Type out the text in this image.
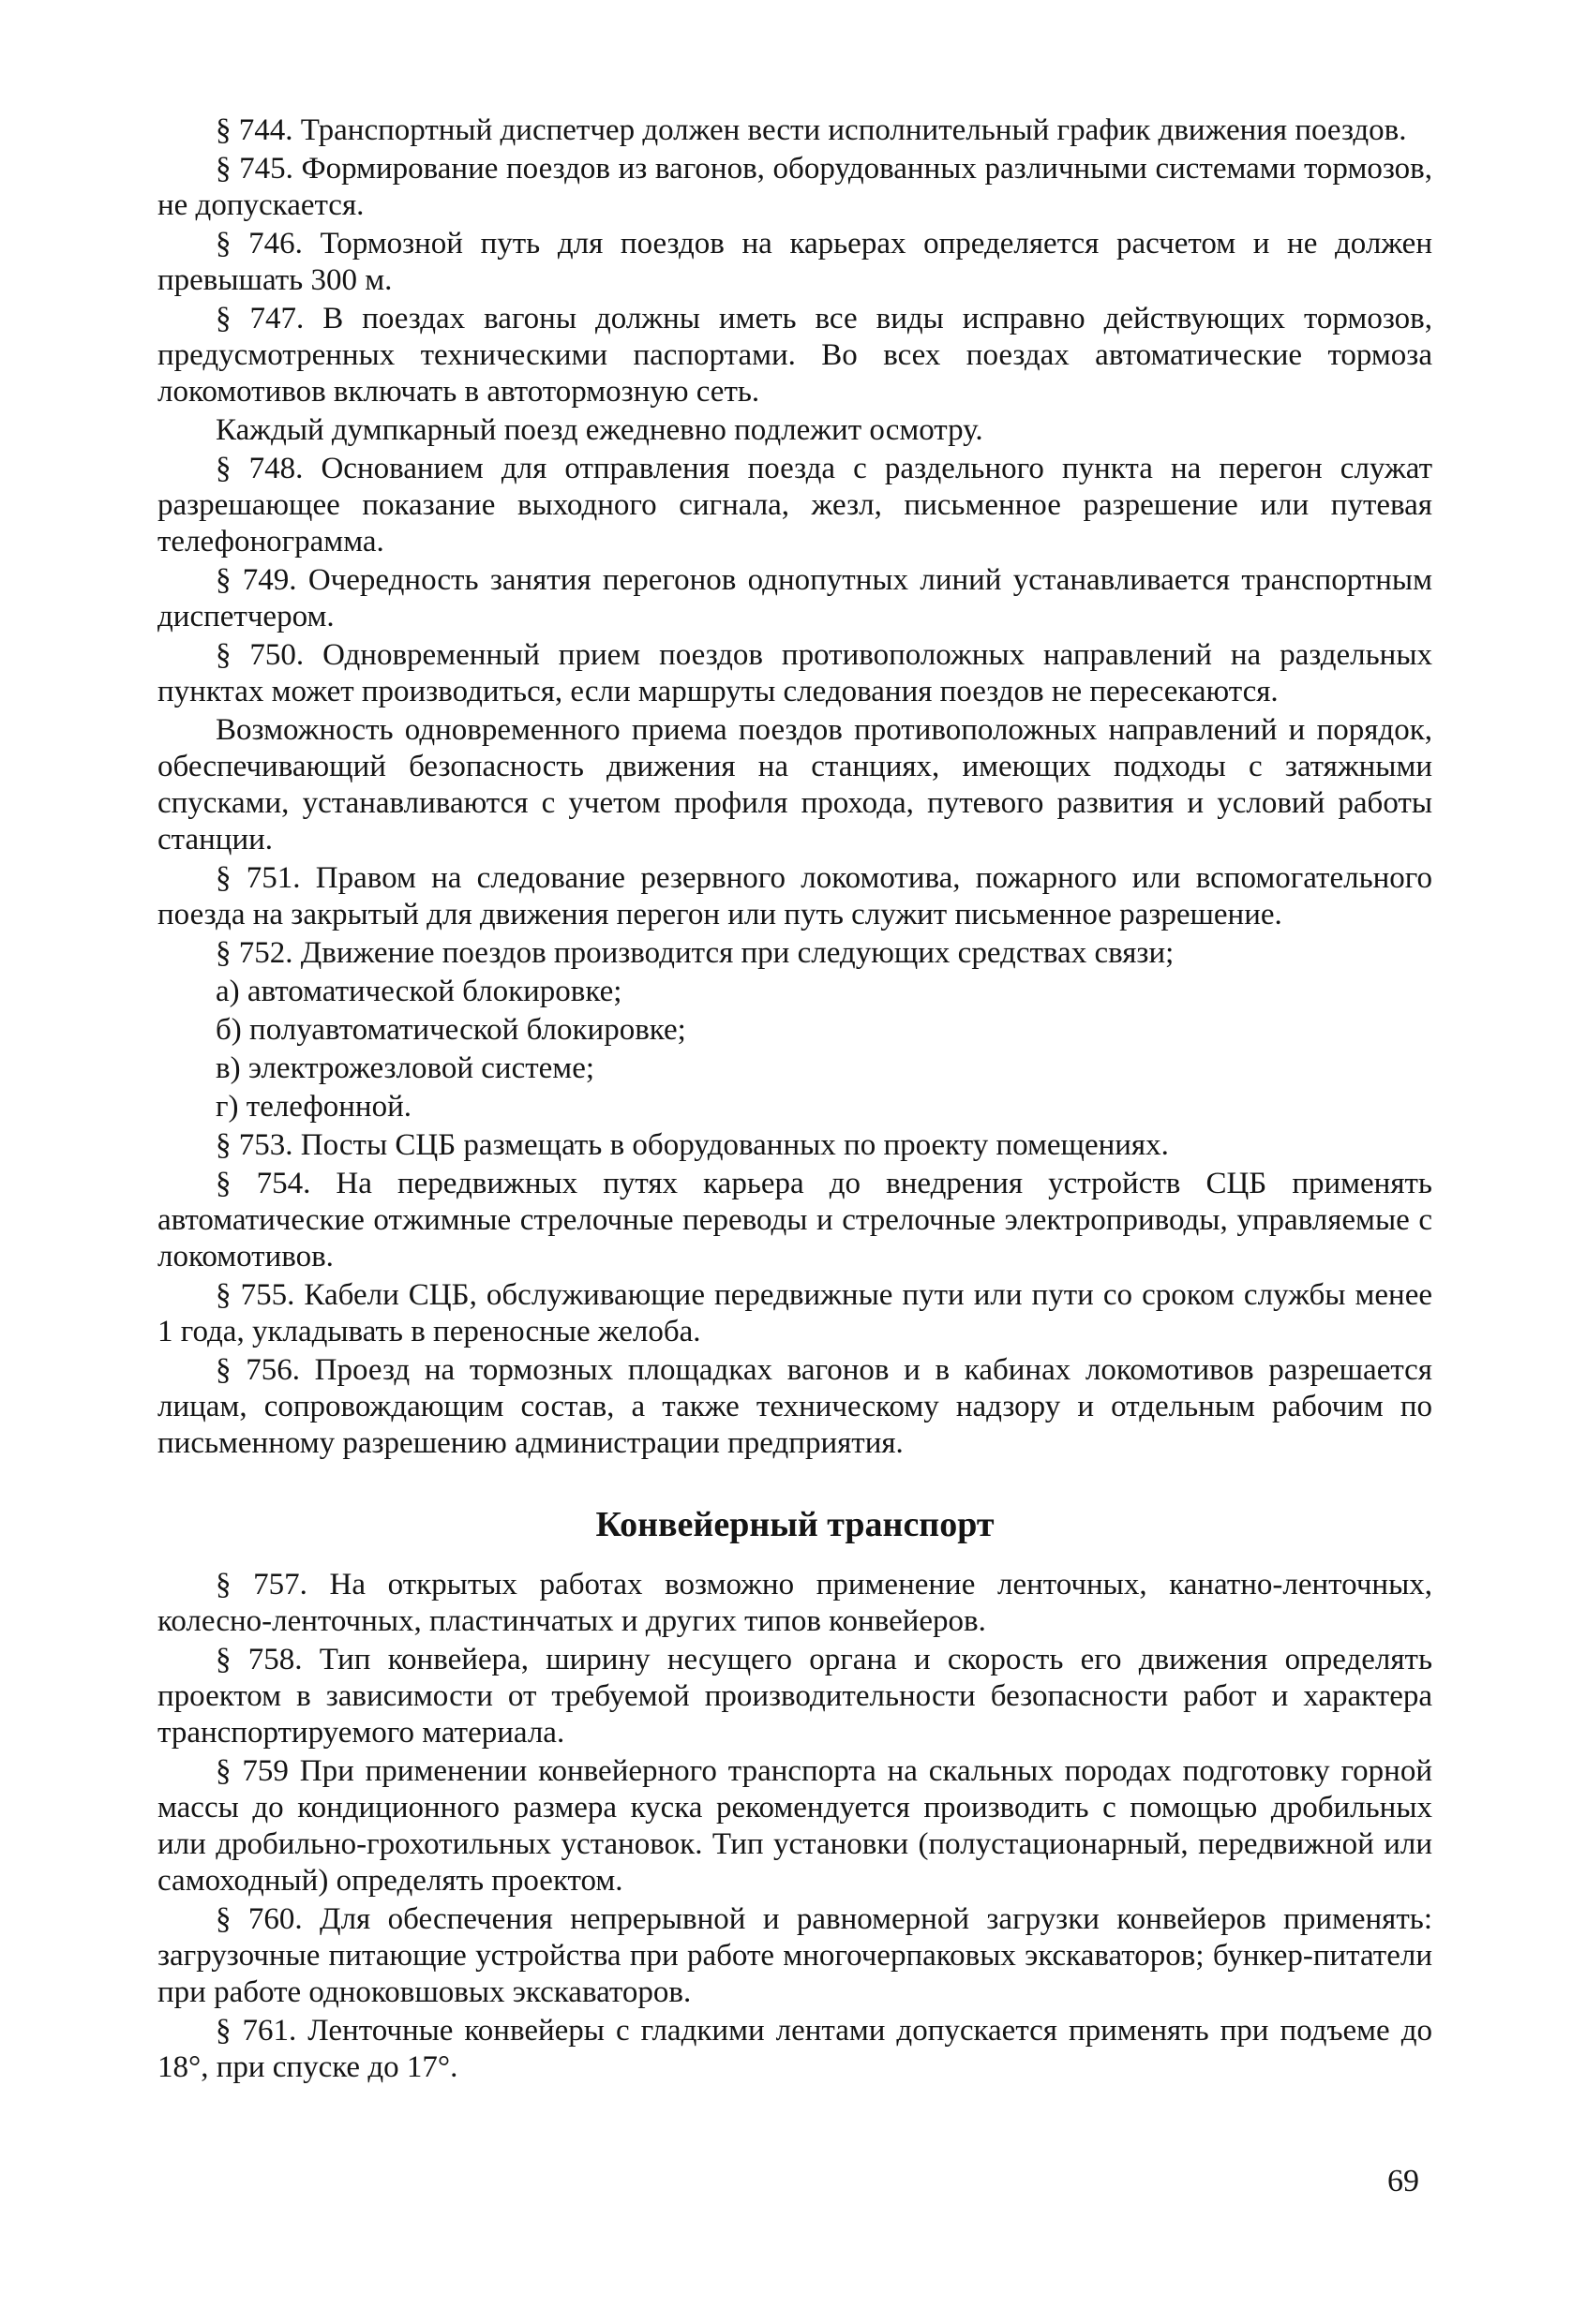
§ 744. Транспортный диспетчер должен вести исполнительный график движения поездов.

§ 745. Формирование поездов из вагонов, оборудованных различными системами тормозов, не допускается.

§ 746. Тормозной путь для поездов на карьерах определяется расчетом и не должен превышать 300 м.

§ 747. В поездах вагоны должны иметь все виды исправно действующих тормозов, предусмотренных техническими паспортами. Во всех поездах автоматические тормоза локомотивов включать в автотормозную сеть.

Каждый думпкарный поезд ежедневно подлежит осмотру.

§ 748. Основанием для отправления поезда с раздельного пункта на перегон служат разрешающее показание выходного сигнала, жезл, письменное разрешение или путевая телефонограмма.

§ 749. Очередность занятия перегонов однопутных линий устанавливается транспортным диспетчером.

§ 750. Одновременный прием поездов противоположных направлений на раздельных пунктах может производиться, если маршруты следования поездов не пересекаются.

Возможность одновременного приема поездов противоположных направлений и порядок, обеспечивающий безопасность движения на станциях, имеющих подходы с затяжными спусками, устанавливаются с учетом профиля прохода, путевого развития и условий работы станции.

§ 751. Правом на следование резервного локомотива, пожарного или вспомогательного поезда на закрытый для движения перегон или путь служит письменное разрешение.

§ 752. Движение поездов производится при следующих средствах связи;

а) автоматической блокировке;

б) полуавтоматической блокировке;

в) электрожезловой системе;

г) телефонной.

§ 753. Посты СЦБ размещать в оборудованных по проекту помещениях.

§ 754. На передвижных путях карьера до внедрения устройств СЦБ применять автоматические отжимные стрелочные переводы и стрелочные электроприводы, управляемые с локомотивов.

§ 755. Кабели СЦБ, обслуживающие передвижные пути или пути со сроком службы менее 1 года, укладывать в переносные желоба.

§ 756. Проезд на тормозных площадках вагонов и в кабинах локомотивов разрешается лицам, сопровождающим состав, а также техническому надзору и отдельным рабочим по письменному разрешению администрации предприятия.

Конвейерный транспорт

§ 757. На открытых работах возможно применение ленточных, канатно-ленточных, колесно-ленточных, пластинчатых и других типов конвейеров.

§ 758. Тип конвейера, ширину несущего органа и скорость его движения определять проектом в зависимости от требуемой производительности безопасности работ и характера транспортируемого материала.

§ 759 При применении конвейерного транспорта на скальных породах подготовку горной массы до кондиционного размера куска рекомендуется производить с помощью дробильных или дробильно-грохотильных установок. Тип установки (полустационарный, передвижной или самоходный) определять проектом.

§ 760. Для обеспечения непрерывной и равномерной загрузки конвейеров применять: загрузочные питающие устройства при работе многочерпаковых экскаваторов; бункер-питатели при работе одноковшовых экскаваторов.

§ 761. Ленточные конвейеры с гладкими лентами допускается применять при подъеме до 18°, при спуске до 17°.

69
